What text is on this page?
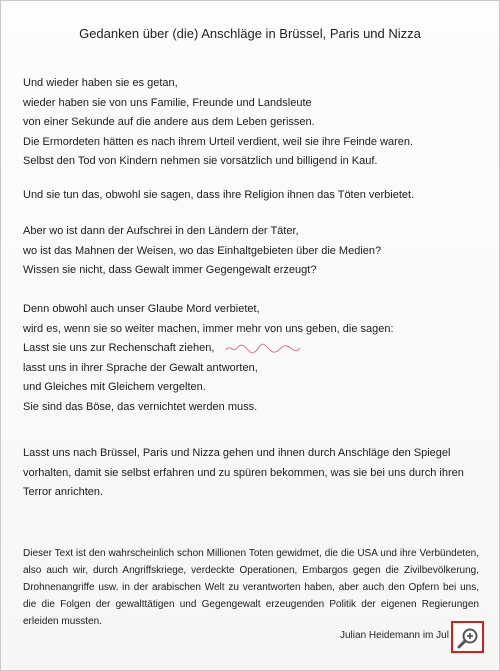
Gedanken über (die) Anschläge in Brüssel, Paris und Nizza
Und wieder haben sie es getan,
wieder haben sie von uns Familie, Freunde und Landsleute
von einer Sekunde auf die andere aus dem Leben gerissen.
Die Ermordeten hätten es nach ihrem Urteil verdient, weil sie ihre Feinde waren.
Selbst den Tod von Kindern nehmen sie vorsätzlich und billigend in Kauf.
Und sie tun das, obwohl sie sagen, dass ihre Religion ihnen das Töten verbietet.
Aber wo ist dann der Aufschrei in den Ländern der Täter,
wo ist das Mahnen der Weisen, wo das Einhaltgebieten über die Medien?
Wissen sie nicht, dass Gewalt immer Gegengewalt erzeugt?
Denn obwohl auch unser Glaube Mord verbietet,
wird es, wenn sie so weiter machen, immer mehr von uns geben, die sagen:
Lasst sie uns zur Rechenschaft ziehen,
lasst uns in ihrer Sprache der Gewalt antworten,
und Gleiches mit Gleichem vergelten.
Sie sind das Böse, das vernichtet werden muss.
Lasst uns nach Brüssel, Paris und Nizza gehen und ihnen durch Anschläge den Spiegel vorhalten, damit sie selbst erfahren und zu spüren bekommen, was sie bei uns durch ihren Terror anrichten.
Dieser Text ist den wahrscheinlich schon Millionen Toten gewidmet, die die USA und ihre Verbündeten, also auch wir, durch Angriffskriege, verdeckte Operationen, Embargos gegen die Zivilbevölkerung, Drohnenangriffe usw. in der arabischen Welt zu verantworten haben, aber auch den Opfern bei uns, die die Folgen der gewalttätigen und Gegengewalt erzeugenden Politik der eigenen Regierungen erleiden mussten.
Julian Heidemann im Jul
